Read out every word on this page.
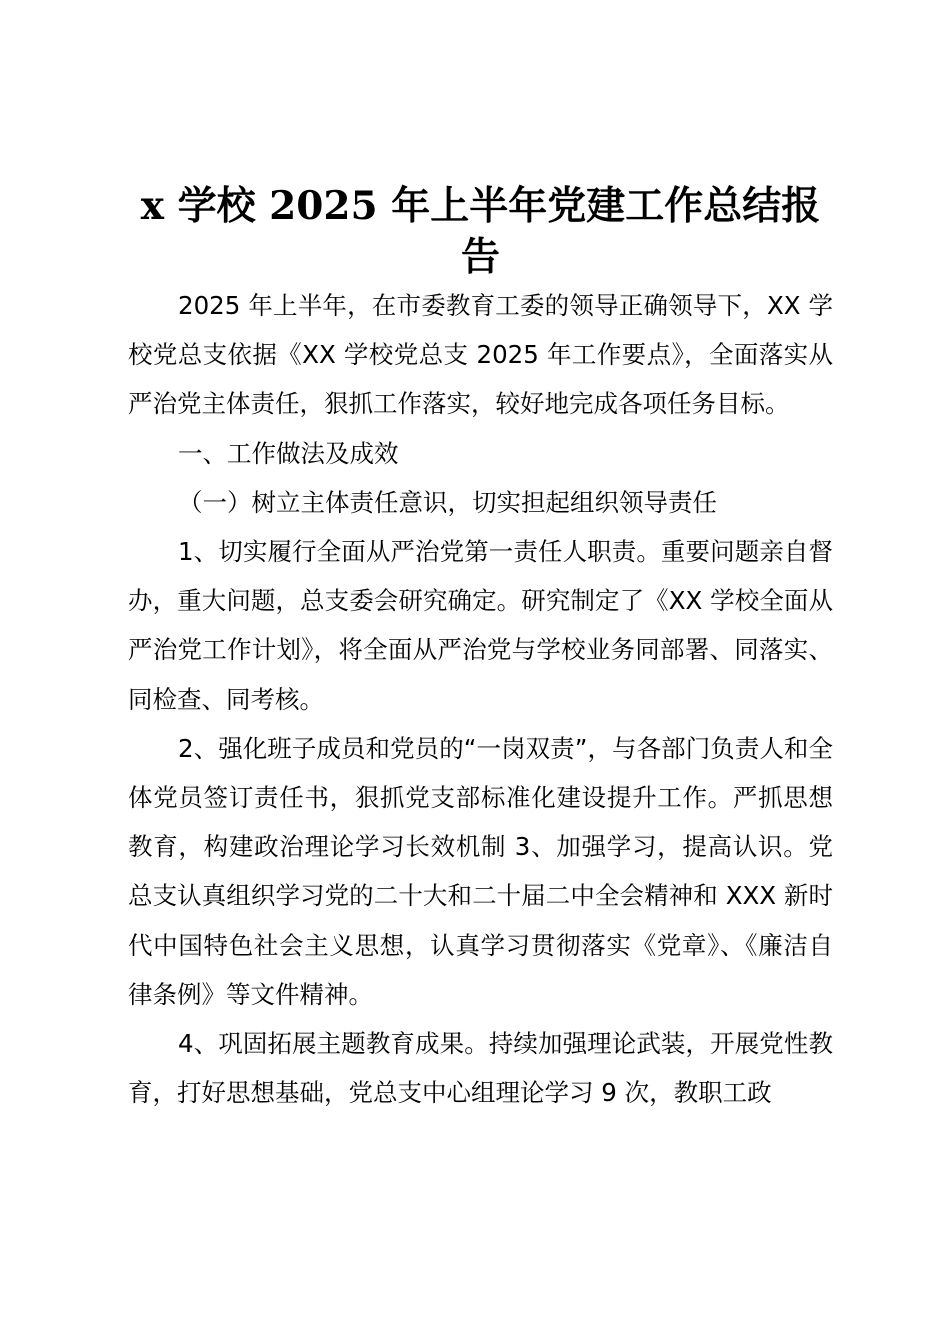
x 学校 2025 年上半年党建工作总结报告

2025 年上半年，在市委教育工委的领导正确领导下，XX 学校党总支依据《XX 学校党总支 2025 年工作要点》，全面落实从严治党主体责任，狠抓工作落实，较好地完成各项任务目标。

一、工作做法及成效

（一）树立主体责任意识，切实担起组织领导责任

1、切实履行全面从严治党第一责任人职责。重要问题亲自督办，重大问题，总支委会研究确定。研究制定了《XX 学校全面从严治党工作计划》，将全面从严治党与学校业务同部署、同落实、同检查、同考核。

2、强化班子成员和党员的“一岗双责”，与各部门负责人和全体党员签订责任书，狠抓党支部标准化建设提升工作。严抓思想教育，构建政治理论学习长效机制 3、加强学习，提高认识。党总支认真组织学习党的二十大和二十届二中全会精神和 XXX 新时代中国特色社会主义思想，认真学习贯彻落实《党章》、《廉洁自律条例》等文件精神。

4、巩固拓展主题教育成果。持续加强理论武装，开展党性教育，打好思想基础，党总支中心组理论学习 9 次，教职工政
